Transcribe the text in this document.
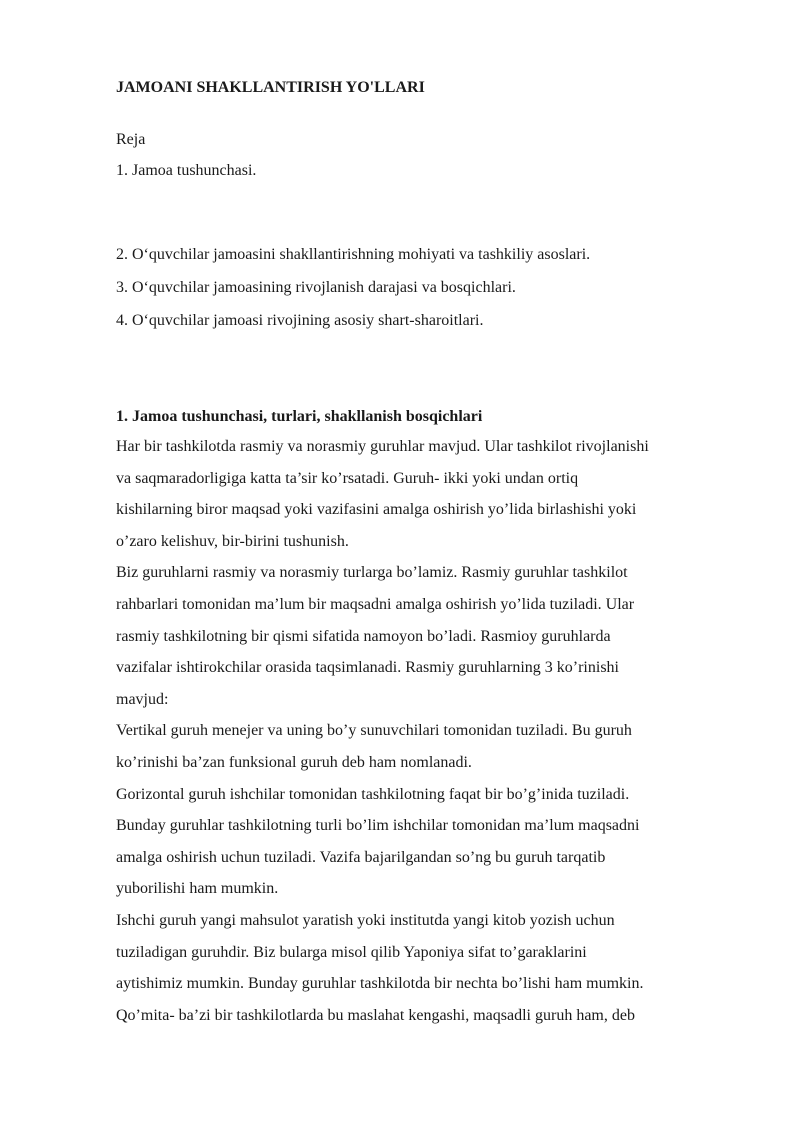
JAMOANI SHAKLLANTIRISH YO'LLARI

Reja

1. Jamoa tushunchasi.

2. O‘quvchilar jamoasini shakllantirishning mohiyati va tashkiliy asoslari.

3. O‘quvchilar jamoasining rivojlanish darajasi va bosqichlari.

4. O‘quvchilar jamoasi rivojining asosiy shart-sharoitlari.

1. Jamoa tushunchasi, turlari, shakllanish bosqichlari
Har bir tashkilotda rasmiy va norasmiy guruhlar mavjud. Ular tashkilot rivojlanishi
va saqmaradorligiga katta ta’sir ko’rsatadi. Guruh- ikki yoki undan ortiq
kishilarning biror maqsad yoki vazifasini amalga oshirish yo’lida birlashishi yoki
o’zaro kelishuv, bir-birini tushunish.
Biz guruhlarni rasmiy va norasmiy turlarga bo’lamiz. Rasmiy guruhlar tashkilot
rahbarlari tomonidan ma’lum bir maqsadni amalga oshirish yo’lida tuziladi. Ular
rasmiy tashkilotning bir qismi sifatida namoyon bo’ladi. Rasmioy guruhlarda
vazifalar ishtirokchilar orasida taqsimlanadi. Rasmiy guruhlarning 3 ko’rinishi
mavjud:
Vertikal guruh menejer va uning bo’y sunuvchilari tomonidan tuziladi. Bu guruh
ko’rinishi ba’zan funksional guruh deb ham nomlanadi.
Gorizontal guruh ishchilar tomonidan tashkilotning faqat bir bo’g’inida tuziladi.
Bunday guruhlar tashkilotning turli bo’lim ishchilar tomonidan ma’lum maqsadni
amalga oshirish uchun tuziladi. Vazifa bajarilgandan so’ng bu guruh tarqatib
yuborilishi ham mumkin.
Ishchi guruh yangi mahsulot yaratish yoki institutda yangi kitob yozish uchun
tuziladigan guruhdir. Biz bularga misol qilib Yaponiya sifat to’garaklarini
aytishimiz mumkin. Bunday guruhlar tashkilotda bir nechta bo’lishi ham mumkin.
Qo’mita- ba’zi bir tashkilotlarda bu maslahat kengashi, maqsadli guruh ham, deb
